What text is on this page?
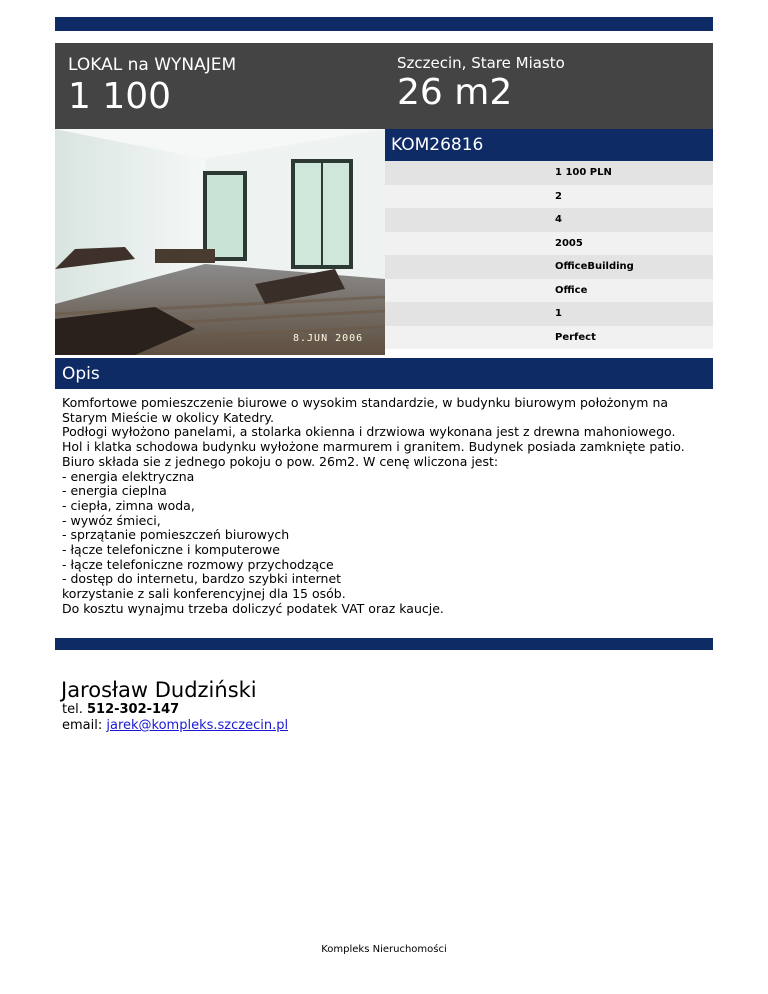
LOKAL na WYNAJEM
1 100
Szczecin, Stare Miasto
26 m2
8.JUN 2006
KOM26816
1 100 PLN
2
4
2005
OfficeBuilding
Office
1
Perfect
Opis
Komfortowe pomieszczenie biurowe o wysokim standardzie, w budynku biurowym położonym na
Starym Mieście w okolicy Katedry.
Podłogi wyłożono panelami, a stolarka okienna i drzwiowa wykonana jest z drewna mahoniowego.
Hol i klatka schodowa budynku wyłożone marmurem i granitem. Budynek posiada zamknięte patio.
Biuro składa sie z jednego pokoju o pow. 26m2. W cenę wliczona jest:
- energia elektryczna
- energia cieplna
- ciepła, zimna woda,
- wywóz śmieci,
- sprzątanie pomieszczeń biurowych
- łącze telefoniczne i komputerowe
- łącze telefoniczne rozmowy przychodzące
- dostęp do internetu, bardzo szybki internet
korzystanie z sali konferencyjnej dla 15 osób.
Do kosztu wynajmu trzeba doliczyć podatek VAT oraz kaucje.
Jarosław Dudziński
tel. 512-302-147
email: jarek@kompleks.szczecin.pl
Kompleks Nieruchomości
